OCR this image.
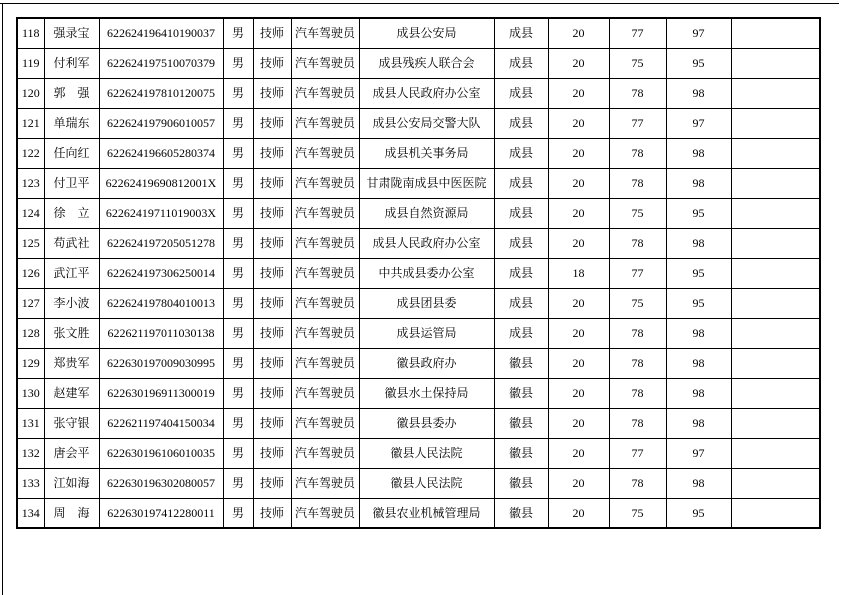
118	强录宝	622624196410190037	男	技师	汽车驾驶员	成县公安局	成县	20	77	97	
119	付利军	622624197510070379	男	技师	汽车驾驶员	成县残疾人联合会	成县	20	75	95	
120	郭　强	622624197810120075	男	技师	汽车驾驶员	成县人民政府办公室	成县	20	78	98	
121	单瑞东	622624197906010057	男	技师	汽车驾驶员	成县公安局交警大队	成县	20	77	97	
122	任向红	622624196605280374	男	技师	汽车驾驶员	成县机关事务局	成县	20	78	98	
123	付卫平	62262419690812001X	男	技师	汽车驾驶员	甘肃陇南成县中医医院	成县	20	78	98	
124	徐　立	62262419711019003X	男	技师	汽车驾驶员	成县自然资源局	成县	20	75	95	
125	苟武社	622624197205051278	男	技师	汽车驾驶员	成县人民政府办公室	成县	20	78	98	
126	武江平	622624197306250014	男	技师	汽车驾驶员	中共成县委办公室	成县	18	77	95	
127	李小波	622624197804010013	男	技师	汽车驾驶员	成县团县委	成县	20	75	95	
128	张文胜	622621197011030138	男	技师	汽车驾驶员	成县运管局	成县	20	78	98	
129	郑贵军	622630197009030995	男	技师	汽车驾驶员	徽县政府办	徽县	20	78	98	
130	赵建军	622630196911300019	男	技师	汽车驾驶员	徽县水土保持局	徽县	20	78	98	
131	张守银	622621197404150034	男	技师	汽车驾驶员	徽县县委办	徽县	20	78	98	
132	唐会平	622630196106010035	男	技师	汽车驾驶员	徽县人民法院	徽县	20	77	97	
133	江如海	622630196302080057	男	技师	汽车驾驶员	徽县人民法院	徽县	20	78	98	
134	周　海	622630197412280011	男	技师	汽车驾驶员	徽县农业机械管理局	徽县	20	75	95	
